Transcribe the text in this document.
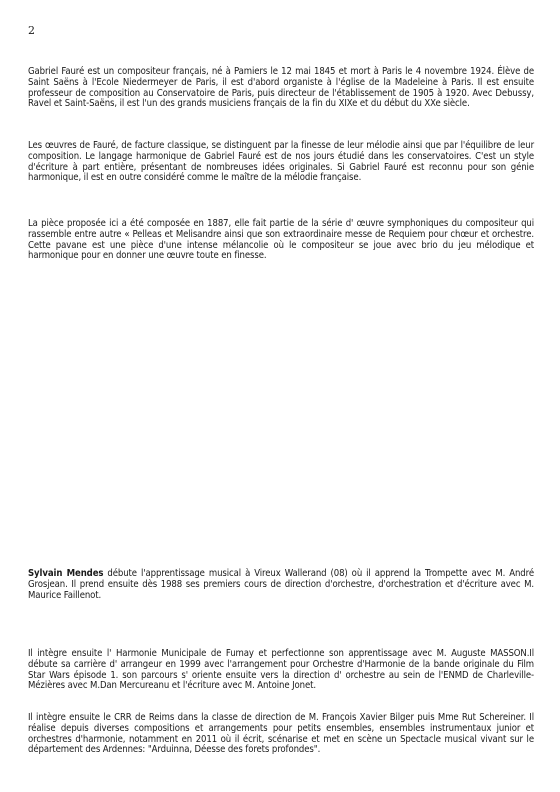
2

Gabriel Fauré est un compositeur français, né à Pamiers le 12 mai 1845 et mort à Paris le 4 novembre 1924. Élève de Saint Saëns à l'Ecole Niedermeyer de Paris, il est d'abord organiste à l'église de la Madeleine à Paris. Il est ensuite professeur de composition au Conservatoire de Paris, puis directeur de l'établissement de 1905 à 1920. Avec Debussy, Ravel et Saint-Saëns, il est l'un des grands musiciens français de la fin du XIXe et du début du XXe siècle.

Les œuvres de Fauré, de facture classique, se distinguent par la finesse de leur mélodie ainsi que par l'équilibre de leur composition. Le langage harmonique de Gabriel Fauré est de nos jours étudié dans les conservatoires. C'est un style d'écriture à part entière, présentant de nombreuses idées originales. Si Gabriel Fauré est reconnu pour son génie harmonique, il est en outre considéré comme le maître de la mélodie française.

La pièce proposée ici a été composée en 1887, elle fait partie de la série d' œuvre symphoniques du compositeur qui rassemble entre autre « Pelleas et Melisandre ainsi que son extraordinaire messe de Requiem pour chœur et orchestre. Cette pavane est une pièce d'une intense mélancolie où le compositeur se joue avec brio du jeu mélodique et harmonique pour en donner une œuvre toute en finesse.

Sylvain Mendes débute l'apprentissage musical à Vireux Wallerand (08) où il apprend la Trompette avec M. André Grosjean. Il prend ensuite dès 1988 ses premiers cours de direction d'orchestre, d'orchestration et d'écriture avec M. Maurice Faillenot.

Il intègre ensuite l' Harmonie Municipale de Fumay et perfectionne son apprentissage avec M. Auguste MASSON.Il débute sa carrière d' arrangeur en 1999 avec l'arrangement pour Orchestre d'Harmonie de la bande originale du Film Star Wars épisode 1. son parcours s' oriente ensuite vers la direction d' orchestre au sein de l'ENMD de Charleville-Mézières avec M.Dan Mercureanu et l'écriture avec M. Antoine Jonet.

Il intègre ensuite le CRR de Reims dans la classe de direction de M. François Xavier Bilger puis Mme Rut Schereiner. Il réalise depuis diverses compositions et arrangements pour petits ensembles, ensembles instrumentaux junior et orchestres d'harmonie, notamment en 2011 où il écrit, scénarise et met en scène un Spectacle musical vivant sur le département des Ardennes: "Arduinna, Déesse des forets profondes".
